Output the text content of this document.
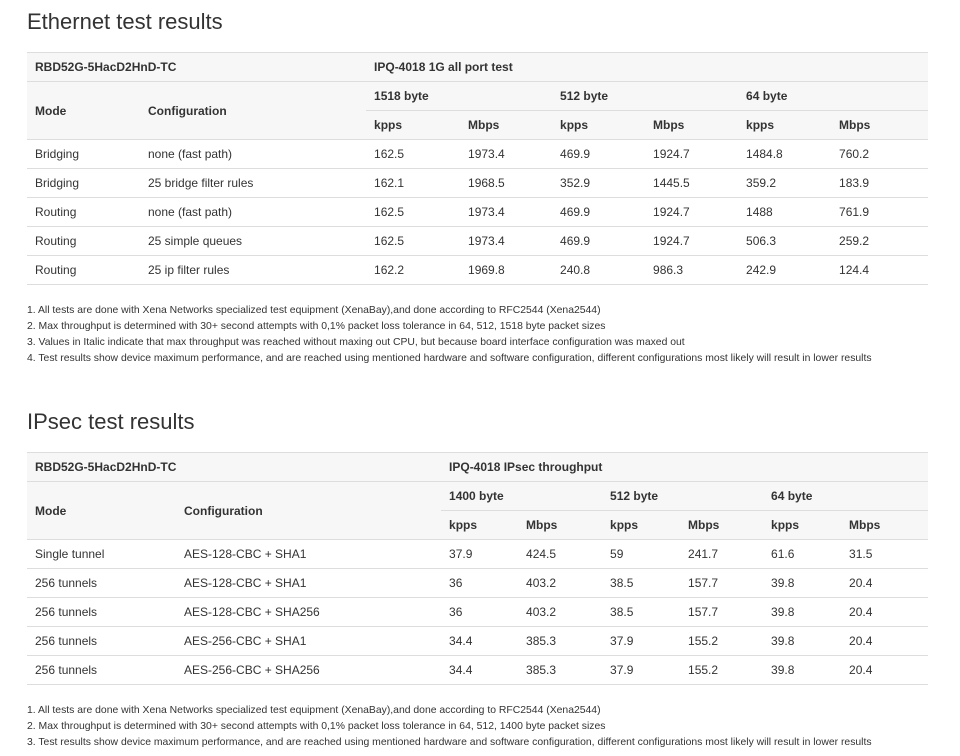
Ethernet test results
RBD52G-5HacD2HnD-TC		IPQ-4018 1G all port test					
Mode	Configuration	1518 byte		512 byte		64 byte	
		kpps	Mbps	kpps	Mbps	kpps	Mbps
Bridging	none (fast path)	162.5	1973.4	469.9	1924.7	1484.8	760.2
Bridging	25 bridge filter rules	162.1	1968.5	352.9	1445.5	359.2	183.9
Routing	none (fast path)	162.5	1973.4	469.9	1924.7	1488	761.9
Routing	25 simple queues	162.5	1973.4	469.9	1924.7	506.3	259.2
Routing	25 ip filter rules	162.2	1969.8	240.8	986.3	242.9	124.4
1. All tests are done with Xena Networks specialized test equipment (XenaBay),and done according to RFC2544 (Xena2544)
2. Max throughput is determined with 30+ second attempts with 0,1% packet loss tolerance in 64, 512, 1518 byte packet sizes
3. Values in Italic indicate that max throughput was reached without maxing out CPU, but because board interface configuration was maxed out
4. Test results show device maximum performance, and are reached using mentioned hardware and software configuration, different configurations most likely will result in lower results
IPsec test results
RBD52G-5HacD2HnD-TC		IPQ-4018 IPsec throughput					
Mode	Configuration	1400 byte		512 byte		64 byte	
		kpps	Mbps	kpps	Mbps	kpps	Mbps
Single tunnel	AES-128-CBC + SHA1	37.9	424.5	59	241.7	61.6	31.5
256 tunnels	AES-128-CBC + SHA1	36	403.2	38.5	157.7	39.8	20.4
256 tunnels	AES-128-CBC + SHA256	36	403.2	38.5	157.7	39.8	20.4
256 tunnels	AES-256-CBC + SHA1	34.4	385.3	37.9	155.2	39.8	20.4
256 tunnels	AES-256-CBC + SHA256	34.4	385.3	37.9	155.2	39.8	20.4
1. All tests are done with Xena Networks specialized test equipment (XenaBay),and done according to RFC2544 (Xena2544)
2. Max throughput is determined with 30+ second attempts with 0,1% packet loss tolerance in 64, 512, 1400 byte packet sizes
3. Test results show device maximum performance, and are reached using mentioned hardware and software configuration, different configurations most likely will result in lower results
